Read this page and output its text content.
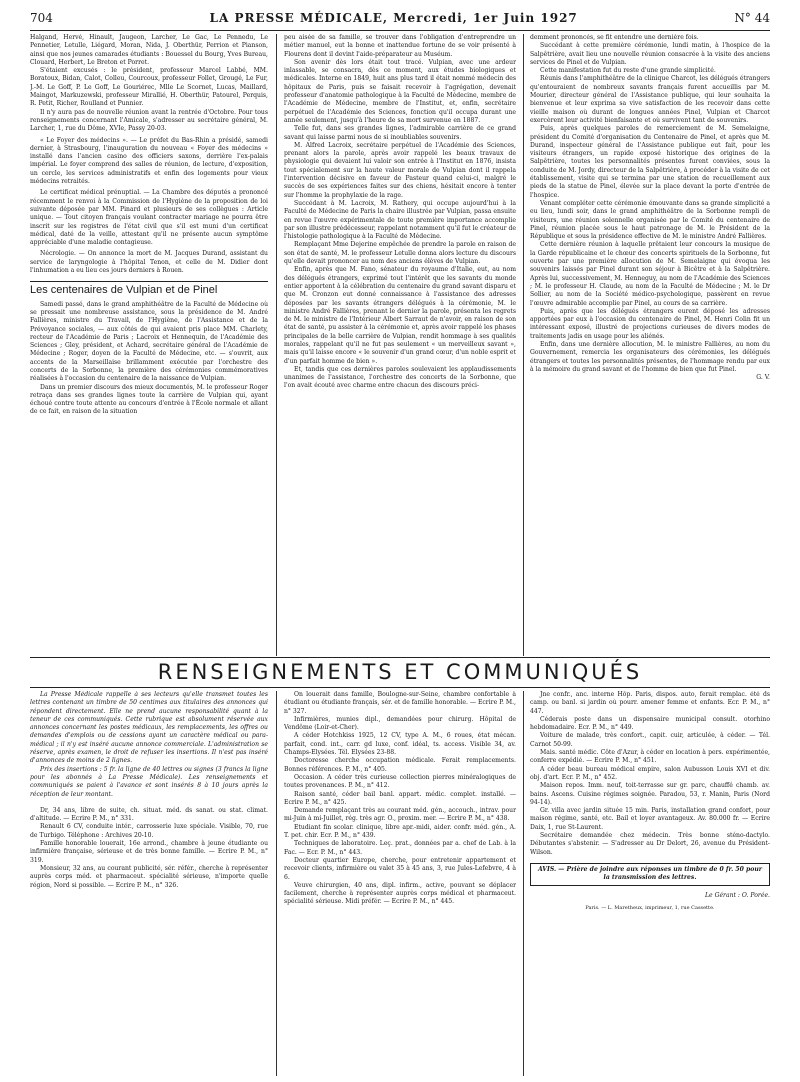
704	LA PRESSE MÉDICALE, Mercredi, 1er Juin 1927	N° 44

Halgand, Hervé, Hinault, Jaugeon, Larcher, Le Gac, Le Pennedu, Le Pennetier, Letulle, Liégard, Moran, Nida, J. Oberthür, Perrion et Pianson, ainsi que nos jeunes camarades étudiants : Bouessel du Bourg, Yves Bureau, Clouard, Herbert, Le Breton et Porret.

S'étaient excusés : le président, professeur Marcel Labbé, MM. Boratoux, Bidan, Calot, Colleu, Courcoux, professeur Follet, Grougé, Le Fur, J.-M. Le Goff, P. Le Goff, Le Gouriérec, Mlle Le Scornet, Lucas, Maillard, Maingot, Markuzewski, professeur Mirallié, H. Oberthür, Patourel, Perquis, R. Petit, Richer, Roulland et Punnier.

Il n'y aura pas de nouvelle réunion avant la rentrée d'Octobre. Pour tous renseignements concernant l'Amicale, s'adresser au secrétaire général, M. Larcher, 1, rue du Dôme, XVIe, Passy 20-03.

« Le Foyer des médecins ». — Le préfet du Bas-Rhin a présidé, samedi dernier, à Strasbourg, l'inauguration du nouveau « Foyer des médecins » installé dans l'ancien casino des officiers saxons, derrière l'ex-palais impérial. Le foyer comprend des salles de réunion, de lecture, d'exposition, un cercle, les services administratifs et enfin des logements pour vieux médecins retraités.

Le certificat médical prénuptial. — La Chambre des députés a prononcé récemment le renvoi à la Commission de l'Hygiène de la proposition de loi suivante déposée par MM. Pinard et plusieurs de ses collègues : Article unique. — Tout citoyen français voulant contracter mariage ne pourra être inscrit sur les registres de l'état civil que s'il est muni d'un certificat médical, daté de la veille, attestant qu'il ne présente aucun symptôme appréciable d'une maladie contagieuse.

Nécrologie. — On annonce la mort de M. Jacques Durand, assistant du service de laryngologie à l'hôpital Tenon, et celle de M. Didier dont l'inhumation a eu lieu ces jours derniers à Rouen.

Les centenaires de Vulpian et de Pinel

Samedi passé, dans le grand amphithéâtre de la Faculté de Médecine où se pressait une nombreuse assistance, sous la présidence de M. André Fallières, ministre du Travail, de l'Hygiène, de l'Assistance et de la Prévoyance sociales, — aux côtés de qui avaient pris place MM. Charlety, recteur de l'Académie de Paris ; Lacroix et Hennequin, de l'Académie des Sciences ; Gley, président, et Achard, secrétaire général de l'Académie de Médecine ; Roger, doyen de la Faculté de Médecine, etc. — s'ouvrit, aux accents de la Marseillaise brillamment exécutée par l'orchestre des concerts de la Sorbonne, la première des cérémonies commémoratives réalisées à l'occasion du centenaire de la naissance de Vulpian.

Dans un premier discours des mieux documentés, M. le professeur Roger retraça dans ses grandes lignes toute la carrière de Vulpian qui, ayant échoué contre toute attente au concours d'entrée à l'École normale et allant de ce fait, en raison de la situation

peu aisée de sa famille, se trouver dans l'obligation d'entreprendre un métier manuel, eut la bonne et inattendue fortune de se voir présenté à Flourens dont il devint l'aide-préparateur au Muséum.

Son avenir dès lors était tout tracé. Vulpian, avec une ardeur inlassable, se consacra, dès ce moment, aux études biologiques et médicales. Interne en 1849, huit ans plus tard il était nommé médecin des hôpitaux de Paris, puis se faisait recevoir à l'agrégation, devenait professeur d'anatomie pathologique à la Faculté de Médecine, membre de l'Académie de Médecine, membre de l'Institut, et, enfin, secrétaire perpétuel de l'Académie des Sciences, fonction qu'il occupa durant une année seulement, jusqu'à l'heure de sa mort survenue en 1887.

Telle fut, dans ses grandes lignes, l'admirable carrière de ce grand savant qui laisse parmi nous de si inoubliables souvenirs.

M. Alfred Lacroix, secrétaire perpétuel de l'Académie des Sciences, prenant alors la parole, après avoir rappelé les beaux travaux de physiologie qui devaient lui valoir son entrée à l'Institut en 1876, insista tout spécialement sur la haute valeur morale de Vulpian dont il rappela l'intervention décisive en faveur de Pasteur quand celui-ci, malgré le succès de ses expériences faites sur des chiens, hésitait encore à tenter sur l'homme la prophylaxie de la rage.

Succédant à M. Lacroix, M. Rathery, qui occupe aujourd'hui à la Faculté de Médecine de Paris la chaire illustrée par Vulpian, passa ensuite en revue l'œuvre expérimentale de toute première importance accomplie par son illustre prédécesseur, rappelant notamment qu'il fut le créateur de l'histologie pathologique à la Faculté de Médecine.

Remplaçant Mme Dejerine empêchée de prendre la parole en raison de son état de santé, M. le professeur Letulle donna alors lecture du discours qu'elle devait prononcer au nom des anciens élèves de Vulpian.

Enfin, après que M. Fano, sénateur du royaume d'Italie, eut, au nom des délégués étrangers, exprimé tout l'intérêt que les savants du monde entier apportent à la célébration du centenaire du grand savant disparu et que M. Cronzon eut donné connaissance à l'assistance des adresses déposées par les savants étrangers délégués à la cérémonie, M. le ministre André Fallières, prenant le dernier la parole, présenta les regrets de M. le ministre de l'Intérieur Albert Sarraut de n'avoir, en raison de son état de santé, pu assister à la cérémonie et, après avoir rappelé les phases principales de la belle carrière de Vulpian, rendit hommage à ses qualités morales, rappelant qu'il ne fut pas seulement « un merveilleux savant », mais qu'il laisse encore « le souvenir d'un grand cœur, d'un noble esprit et d'un parfait homme de bien ».

Et, tandis que ces dernières paroles soulevaient les applaudissements unanimes de l'assistance, l'orchestre des concerts de la Sorbonne, que l'on avait écouté avec charme entre chacun des discours préci-

demment prononcés, se fit entendre une dernière fois.

Succédant à cette première cérémonie, lundi matin, à l'hospice de la Salpêtrière, avait lieu une nouvelle réunion consacrée à la visite des anciens services de Pinel et de Vulpian.

Cette manifestation fut du reste d'une grande simplicité.

Réunis dans l'amphithéâtre de la clinique Charcot, les délégués étrangers qu'entouraient de nombreux savants français furent accueillis par M. Mourier, directeur général de l'Assistance publique, qui leur souhaita la bienvenue et leur exprima sa vive satisfaction de les recevoir dans cette vieille maison où durant de longues années Pinel, Vulpian et Charcot exercèrent leur activité bienfaisante et où survivent tant de souvenirs.

Puis, après quelques paroles de remerciement de M. Semelaigne, président du Comité d'organisation du Centenaire de Pinel, et après que M. Durand, inspecteur général de l'Assistance publique eut fait, pour les visiteurs étrangers, un rapide exposé historique des origines de la Salpêtrière, toutes les personnalités présentes furent conviées, sous la conduite de M. Jordy, directeur de la Salpêtrière, à procéder à la visite de cet établissement, visite qui se termina par une station de recueillement aux pieds de la statue de Pinel, élevée sur la place devant la porte d'entrée de l'hospice.

Venant compléter cette cérémonie émouvante dans sa grande simplicité a eu lieu, lundi soir, dans le grand amphithéâtre de la Sorbonne rempli de visiteurs, une réunion solennelle organisée par le Comité du centenaire de Pinel, réunion placée sous le haut patronage de M. le Président de la République et sous la présidence effective de M. le ministre André Fallières.

Cette dernière réunion à laquelle prêtaient leur concours la musique de la Garde républicaine et le chœur des concerts spirituels de la Sorbonne, fut ouverte par une première allocution de M. Semelaigne qui évoqua les souvenirs laissés par Pinel durant son séjour à Bicêtre et à la Salpêtrière. Après lui, successivement, M. Henneguy, au nom de l'Académie des Sciences ; M. le professeur H. Claude, au nom de la Faculté de Médecine ; M. le Dr Sollier, au nom de la Société médico-psychologique, passèrent en revue l'œuvre admirable accomplie par Pinel, au cours de sa carrière.

Puis, après que les délégués étrangers eurent déposé les adresses apportées par eux à l'occasion du centenaire de Pinel, M. Henri Colin fit un intéressant exposé, illustré de projections curieuses de divers modes de traitements jadis en usage pour les aliénés.

Enfin, dans une dernière allocution, M. le ministre Fallières, au nom du Gouvernement, remercia les organisateurs des cérémonies, les délégués étrangers et toutes les personnalités présentes, de l'hommage rendu par eux à la mémoire du grand savant et de l'homme de bien que fut Pinel.

G. V.

RENSEIGNEMENTS ET COMMUNIQUÉS

La Presse Médicale rappelle à ses lecteurs qu'elle transmet toutes les lettres contenant un timbre de 50 centimes aux titulaires des annonces qui répondent directement. Elle ne prend aucune responsabilité quant à la teneur de ces communiqués. Cette rubrique est absolument réservée aux annonces concernant les postes médicaux, les remplacements, les offres ou demandes d'emplois ou de cessions ayant un caractère médical ou para-médical ; il n'y est inséré aucune annonce commerciale. L'administration se réserve, après examen, le droit de refuser les insertions. Il n'est pas inséré d'annonces de moins de 2 lignes.

Prix des insertions : 5 fr. la ligne de 40 lettres ou signes (3 francs la ligne pour les abonnés à La Presse Médicale). Les renseignements et communiqués se paient à l'avance et sont insérés 8 à 10 jours après la réception de leur montant.

Dr, 34 ans, libre de suite, ch. situat. méd. ds sanat. ou stat. climat. d'altitude. — Ecrire P. M., n° 331.

Renault 6 CV, conduite intér., carrosserie luxe spéciale. Visible, 70, rue de Turbigo. Téléphone : Archives 20-10.

Famille honorable louerait, 16e arrond., chambre à jeune étudiante ou infirmière française, sérieuse et de très bonne famille. — Ecrire P. M., n° 319.

Monsieur, 32 ans, au courant publicité, sér. référ., cherche à représenter auprès corps méd. et pharmaceut. spécialité sérieuse, n'importe quelle région, Nord si possible. — Ecrire P. M., n° 326.

On louerait dans famille, Boulogne-sur-Seine, chambre confortable à étudiant ou étudiante français, sér. et de famille honorable. — Ecrire P. M., n° 327.

Infirmières, munies dipl., demandées pour chirurg. Hôpital de Vendôme (Loir-et-Cher).

A céder Hotchkiss 1925, 12 CV, type A. M., 6 roues, état mécan. parfait, cond. int., carr. gd luxe, conf. idéal, ts. access. Visible 34, av. Champs-Elysées. Tél. Elysées 23-88.

Doctoresse cherche occupation médicale. Ferait remplacements. Bonnes références. P. M., n° 405.

Occasion. A céder très curieuse collection pierres minéralogiques de toutes provenances. P. M., n° 412.

Raison santé, céder bail banl. appart. médic. complet. installé. — Ecrire P. M., n° 425.

Demande remplaçant très au courant méd. gén., accouch., intrav. pour mi-Juin à mi-Juillet, rég. très agr. O., proxim. mer. — Ecrire P. M., n° 438.

Etudiant fin scolar. clinique, libre apr.-midi, aider. confr. méd. gén., A. T. pet. chir. Ecr. P. M., n° 439.

Techniques de laboratoire. Leç. prat., données par a. chef de Lab. à la Fac. — Ecr. P. M., n° 443.

Docteur quartier Europe, cherche, pour entretenir appartement et recevoir clients, infirmière ou valet 35 à 45 ans, 3, rue Jules-Lefebvre, 4 à 6.

Veuve chirurgien, 40 ans, dipl. infirm., active, pouvant se déplacer facilement, cherche à représenter auprès corps médical et pharmaceut. spécialité sérieuse. Midi préfér. — Ecrire P. M., n° 445.

Jne confr., anc. interne Hôp. Paris, dispos. auto, ferait remplac. été ds camp. ou banl. si jardin où pourr. amener femme et enfants. Ecr. P. M., n° 447.

Céderais poste dans un dispensaire municipal consult. otorhino hebdomadaire. Ecr. P. M., n° 449.

Voiture de malade, très confort., capit. cuir, articulée, à céder. — Tél. Carnot 50-99.

Mais. santé médic. Côte d'Azur, à céder en location à pers. expérimentée, conferre expédié. — Ecrire P. M., n° 451.

A céder beau bureau médical empire, salon Aubusson Louis XVI et div. obj. d'art. Ecr. P. M., n° 452.

Maison repos. Imm. neuf, toit-terrasse sur gr. parc, chauffé chamb. av. bains. Ascens. Cuisine régimes soignée. Paradou, 53, r. Manin, Paris (Nord 94-14).

Gr. villa avec jardin située 15 min. Paris, installation grand confort, pour maison régime, santé, etc. Bail et loyer avantageux. Av. 80.000 fr. — Ecrire Daix, 1, rue St-Laurent.

Secrétaire demandée chez médecin. Très bonne sténo-dactylo. Débutantes s'abstenir. — S'adresser au Dr Delort, 26, avenue du Président-Wilson.

AVIS. — Prière de joindre aux réponses un timbre de 0 fr. 50 pour la transmission des lettres.
Le Gérant : O. Porée.
Paris. — L. Maretheux, imprimeur, 1, rue Cassette.
